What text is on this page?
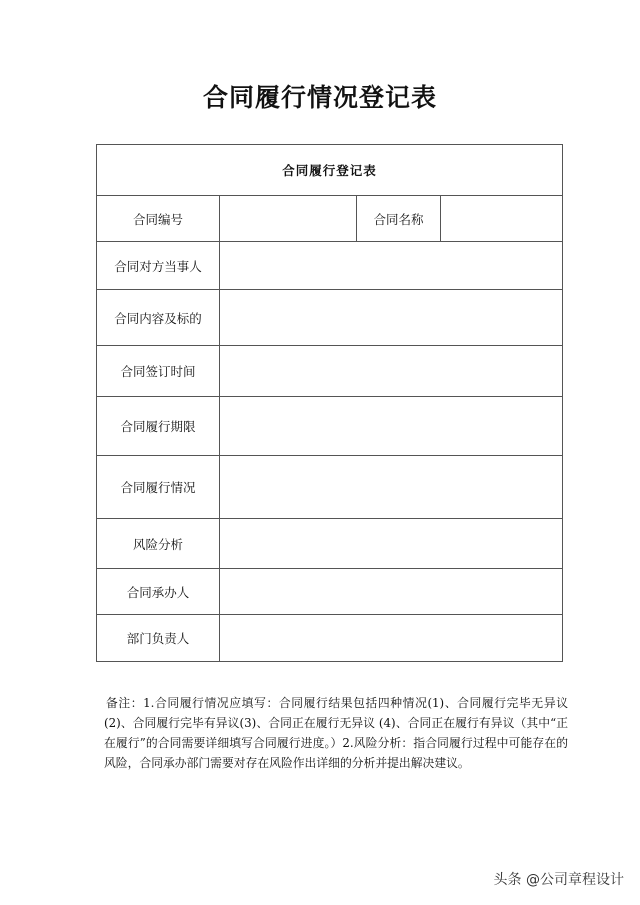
合同履行情况登记表
合同履行登记表			
合同编号		合同名称	
合同对方当事人			
合同内容及标的			
合同签订时间			
合同履行期限			
合同履行情况			
风险分析			
合同承办人			
部门负责人			
备注：1.合同履行情况应填写：合同履行结果包括四种情况(1)、合同履行完毕无异议(2)、合同履行完毕有异议(3)、合同正在履行无异议 (4)、合同正在履行有异议（其中“正在履行”的合同需要详细填写合同履行进度。）2.风险分析：指合同履行过程中可能存在的风险，合同承办部门需要对存在风险作出详细的分析并提出解决建议。
头条 @公司章程设计
